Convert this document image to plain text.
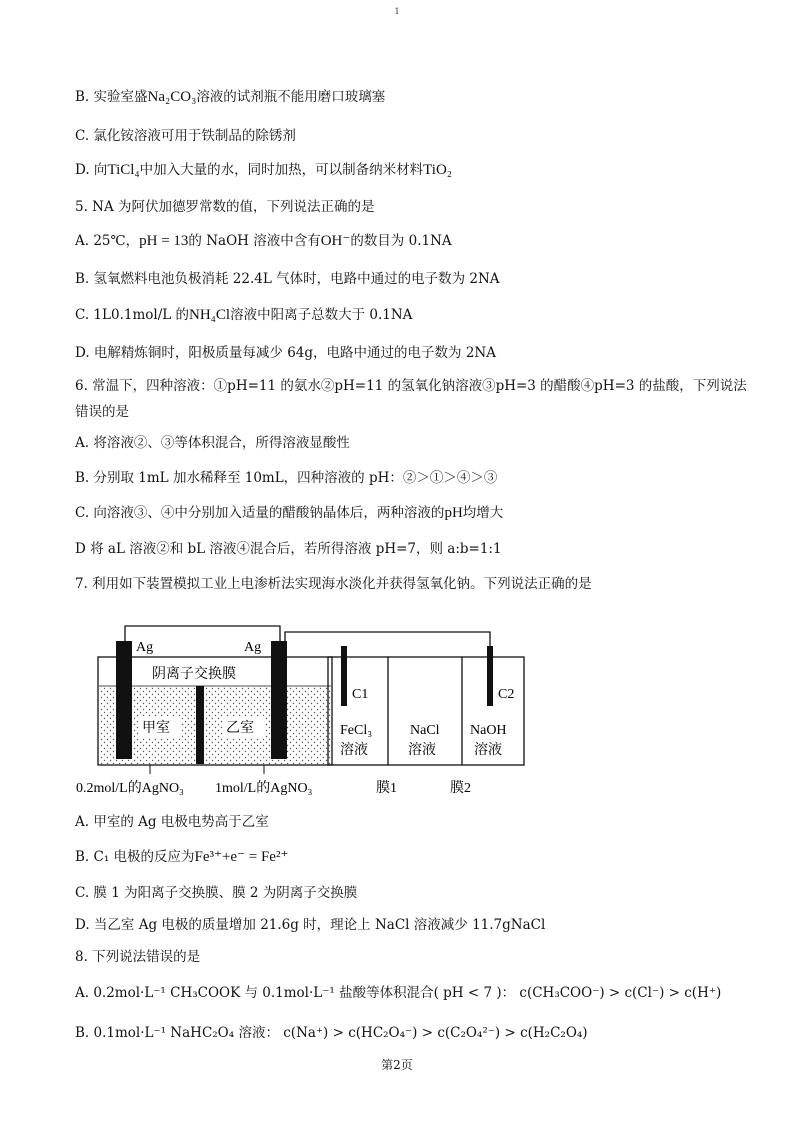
1
B. 实验室盛Na₂CO₃溶液的试剂瓶不能用磨口玻璃塞
C. 氯化铵溶液可用于铁制品的除锈剂
D. 向TiCl₄中加入大量的水，同时加热，可以制备纳米材料TiO₂
5. NA 为阿伏加德罗常数的值，下列说法正确的是
A. 25℃，pH = 13的 NaOH 溶液中含有OH⁻的数目为 0.1NA
B. 氢氧燃料电池负极消耗 22.4L 气体时，电路中通过的电子数为 2NA
C. 1L0.1mol/L 的NH₄Cl溶液中阳离子总数大于 0.1NA
D. 电解精炼铜时，阳极质量每减少 64g，电路中通过的电子数为 2NA
6. 常温下，四种溶液：①pH=11 的氨水②pH=11 的氢氧化钠溶液③pH=3 的醋酸④pH=3 的盐酸，下列说法
错误的是
A. 将溶液②、③等体积混合，所得溶液显酸性
B. 分别取 1mL 加水稀释至 10mL，四种溶液的 pH：②＞①＞④＞③
C. 向溶液③、④中分别加入适量的醋酸钠晶体后，两种溶液的pH均增大
D 将 aL 溶液②和 bL 溶液④混合后，若所得溶液 pH=7，则 a:b=1:1
7. 利用如下装置模拟工业上电渗析法实现海水淡化并获得氢氧化钠。下列说法正确的是
Ag	Ag
阴离子交换膜
甲室	乙室
0.2mol/L的AgNO₃ 1mol/L的AgNO₃
C1	C2
FeCl₃
溶液
NaCl
溶液
NaOH
溶液
膜1	膜2
A. 甲室的 Ag 电极电势高于乙室
B. C₁ 电极的反应为Fe³⁺+e⁻ = Fe²⁺
C. 膜 1 为阳离子交换膜、膜 2 为阴离子交换膜
D. 当乙室 Ag 电极的质量增加 21.6g 时，理论上 NaCl 溶液减少 11.7gNaCl
8. 下列说法错误的是
A. 0.2mol·L⁻¹ CH₃COOK 与 0.1mol·L⁻¹ 盐酸等体积混合( pH < 7 )： c(CH₃COO⁻) > c(Cl⁻) > c(H⁺)
B. 0.1mol·L⁻¹ NaHC₂O₄ 溶液： c(Na⁺) > c(HC₂O₄⁻) > c(C₂O₄²⁻) > c(H₂C₂O₄)
第2页
